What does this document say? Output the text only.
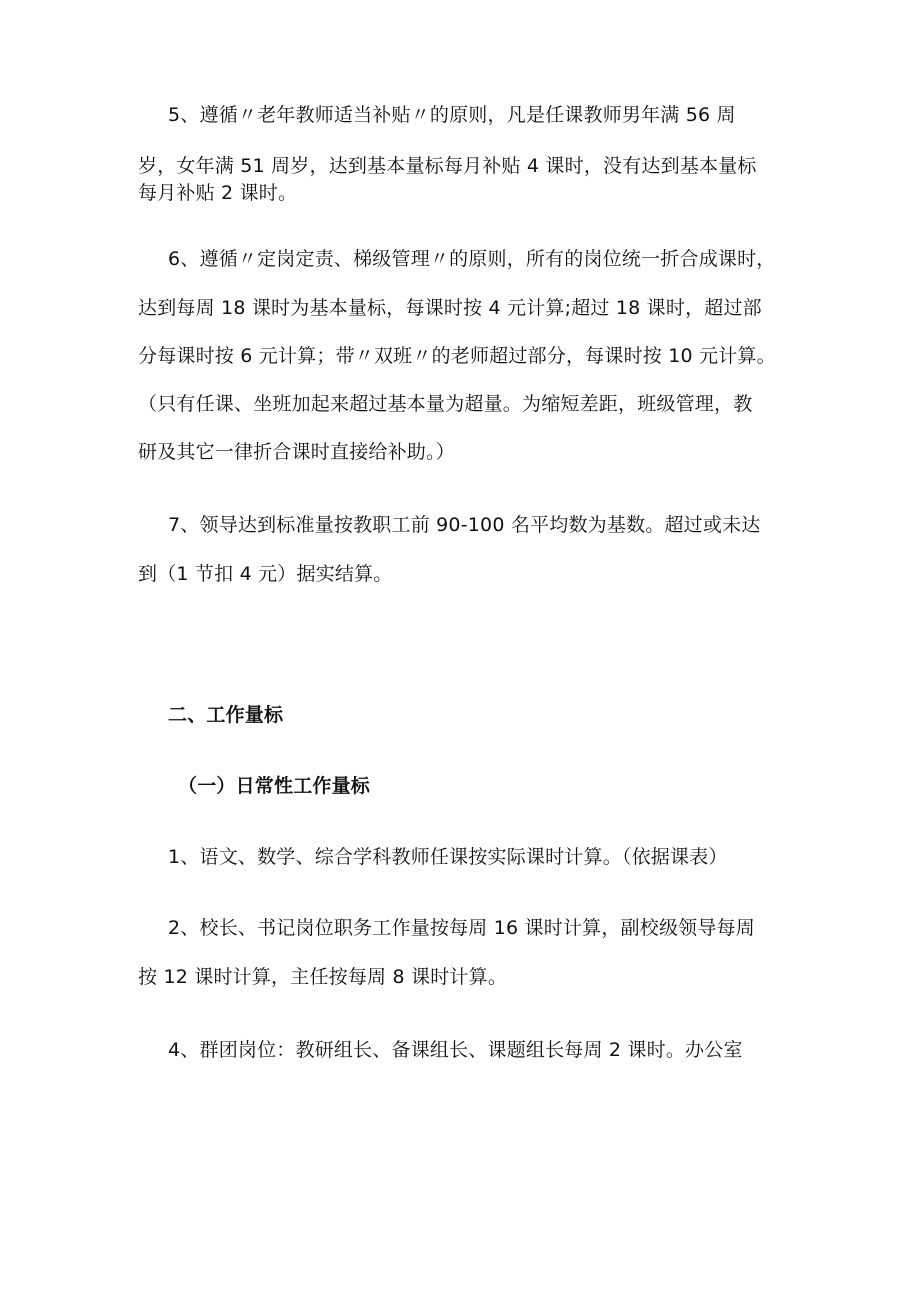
5、遵循〃老年教师适当补贴〃的原则，凡是任课教师男年满 56 周
岁，女年满 51 周岁，达到基本量标每月补贴 4 课时，没有达到基本量标
每月补贴 2 课时。
6、遵循〃定岗定责、梯级管理〃的原则，所有的岗位统一折合成课时，
达到每周 18 课时为基本量标，每课时按 4 元计算;超过 18 课时，超过部
分每课时按 6 元计算；带〃双班〃的老师超过部分，每课时按 10 元计算。
（只有任课、坐班加起来超过基本量为超量。为缩短差距，班级管理，教
研及其它一律折合课时直接给补助。）
7、领导达到标准量按教职工前 90-100 名平均数为基数。超过或未达
到（1 节扣 4 元）据实结算。
二、工作量标
（一）日常性工作量标
1、语文、数学、综合学科教师任课按实际课时计算。（依据课表）
2、校长、书记岗位职务工作量按每周 16 课时计算，副校级领导每周
按 12 课时计算，主任按每周 8 课时计算。
4、群团岗位：教研组长、备课组长、课题组长每周 2 课时。办公室
